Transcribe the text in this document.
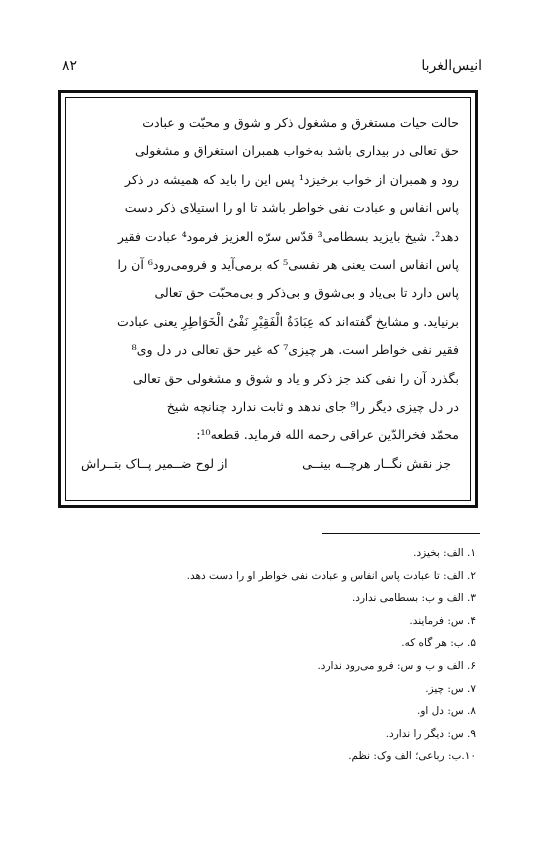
انیس‌الغربا
۸۲
حالت حیات مستغرق و مشغول ذکر و شوق و محبّت و عبادت
حق تعالی در بیداری باشد به‌خواب همبران استغراق و مشغولی
رود و همبران از خواب برخیزد¹ پس این را باید که همیشه در ذکر
پاس انفاس و عبادت نفی خواطر باشد تا او را استیلای ذکر دست
دهد². شیخ بایزید بسطامی³ قدّس سرّه العزیز فرمود⁴ عبادت فقیر
پاس انفاس است یعنی هر نفسی⁵ که برمی‌آید و فرومی‌رود⁶ آن را
پاس دارد تا بی‌یاد و بی‌شوق و بی‌ذکر و بی‌محبّت حق تعالی
برنیاید. و مشایخ گفته‌اند که عِبَادَةُ الْفَقِیْرِ نَفْیُ الْخَوَاطِرِ یعنی عبادت
فقیر نفی خواطر است. هر چیزی⁷ که غیر حق تعالی در دل وی⁸
بگذرد آن را نفی کند جز ذکر و یاد و شوق و مشغولی حق تعالی
در دل چیزی دیگر را⁹ جای ندهد و ثابت ندارد چنانچه شیخ
محمّد فخرالدّین عراقی رحمه الله فرماید. قطعه¹⁰:
جز نقش نگــار هرچــه بینــی
از لوح ضــمیر پــاک بتــراش
۱. الف: بخیزد.
۲. الف: تا عبادت پاس انفاس و عبادت نفی خواطر او را دست دهد.
۳. الف و ب: بسطامی ندارد.
۴. س: فرمایند.
۵. ب: هر گاه که.
۶. الف و ب و س: فرو می‌رود ندارد.
۷. س: چیز.
۸. س: دل او.
۹. س: دیگر را ندارد.
۱۰.ب: رباعی؛ الف وک: نظم.
